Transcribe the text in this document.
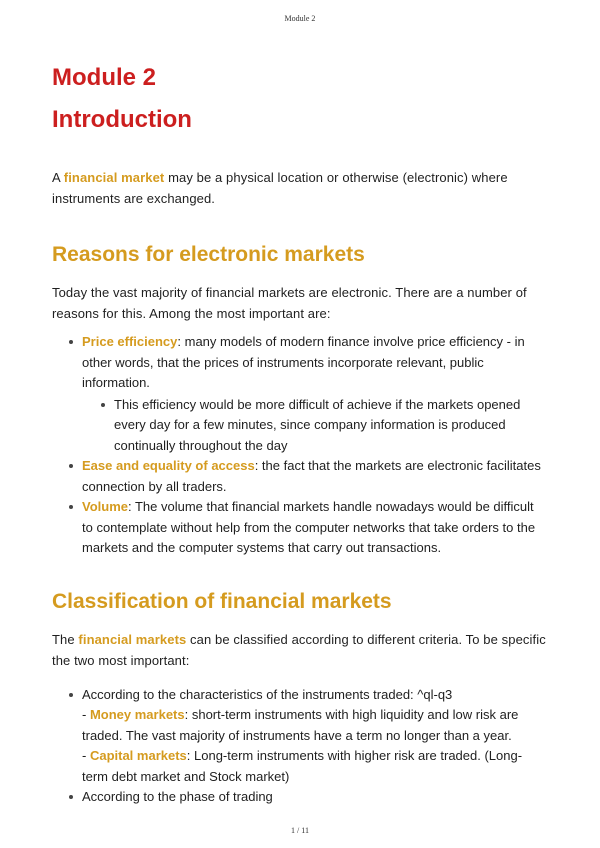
Module 2
Module 2
Introduction

A financial market may be a physical location or otherwise (electronic) where instruments are exchanged.

Reasons for electronic markets

Today the vast majority of financial markets are electronic. There are a number of reasons for this. Among the most important are:

Price efficiency: many models of modern finance involve price efficiency - in other words, that the prices of instruments incorporate relevant, public information.
This efficiency would be more difficult of achieve if the markets opened every day for a few minutes, since company information is produced continually throughout the day
Ease and equality of access: the fact that the markets are electronic facilitates connection by all traders.
Volume: The volume that financial markets handle nowadays would be difficult to contemplate without help from the computer networks that take orders to the markets and the computer systems that carry out transactions.
Classification of financial markets

The financial markets can be classified according to different criteria. To be specific the two most important:

According to the characteristics of the instruments traded: ^ql-q3
- Money markets: short-term instruments with high liquidity and low risk are traded. The vast majority of instruments have a term no longer than a year.
- Capital markets: Long-term instruments with higher risk are traded. (Long-term debt market and Stock market)
According to the phase of trading
1 / 11
